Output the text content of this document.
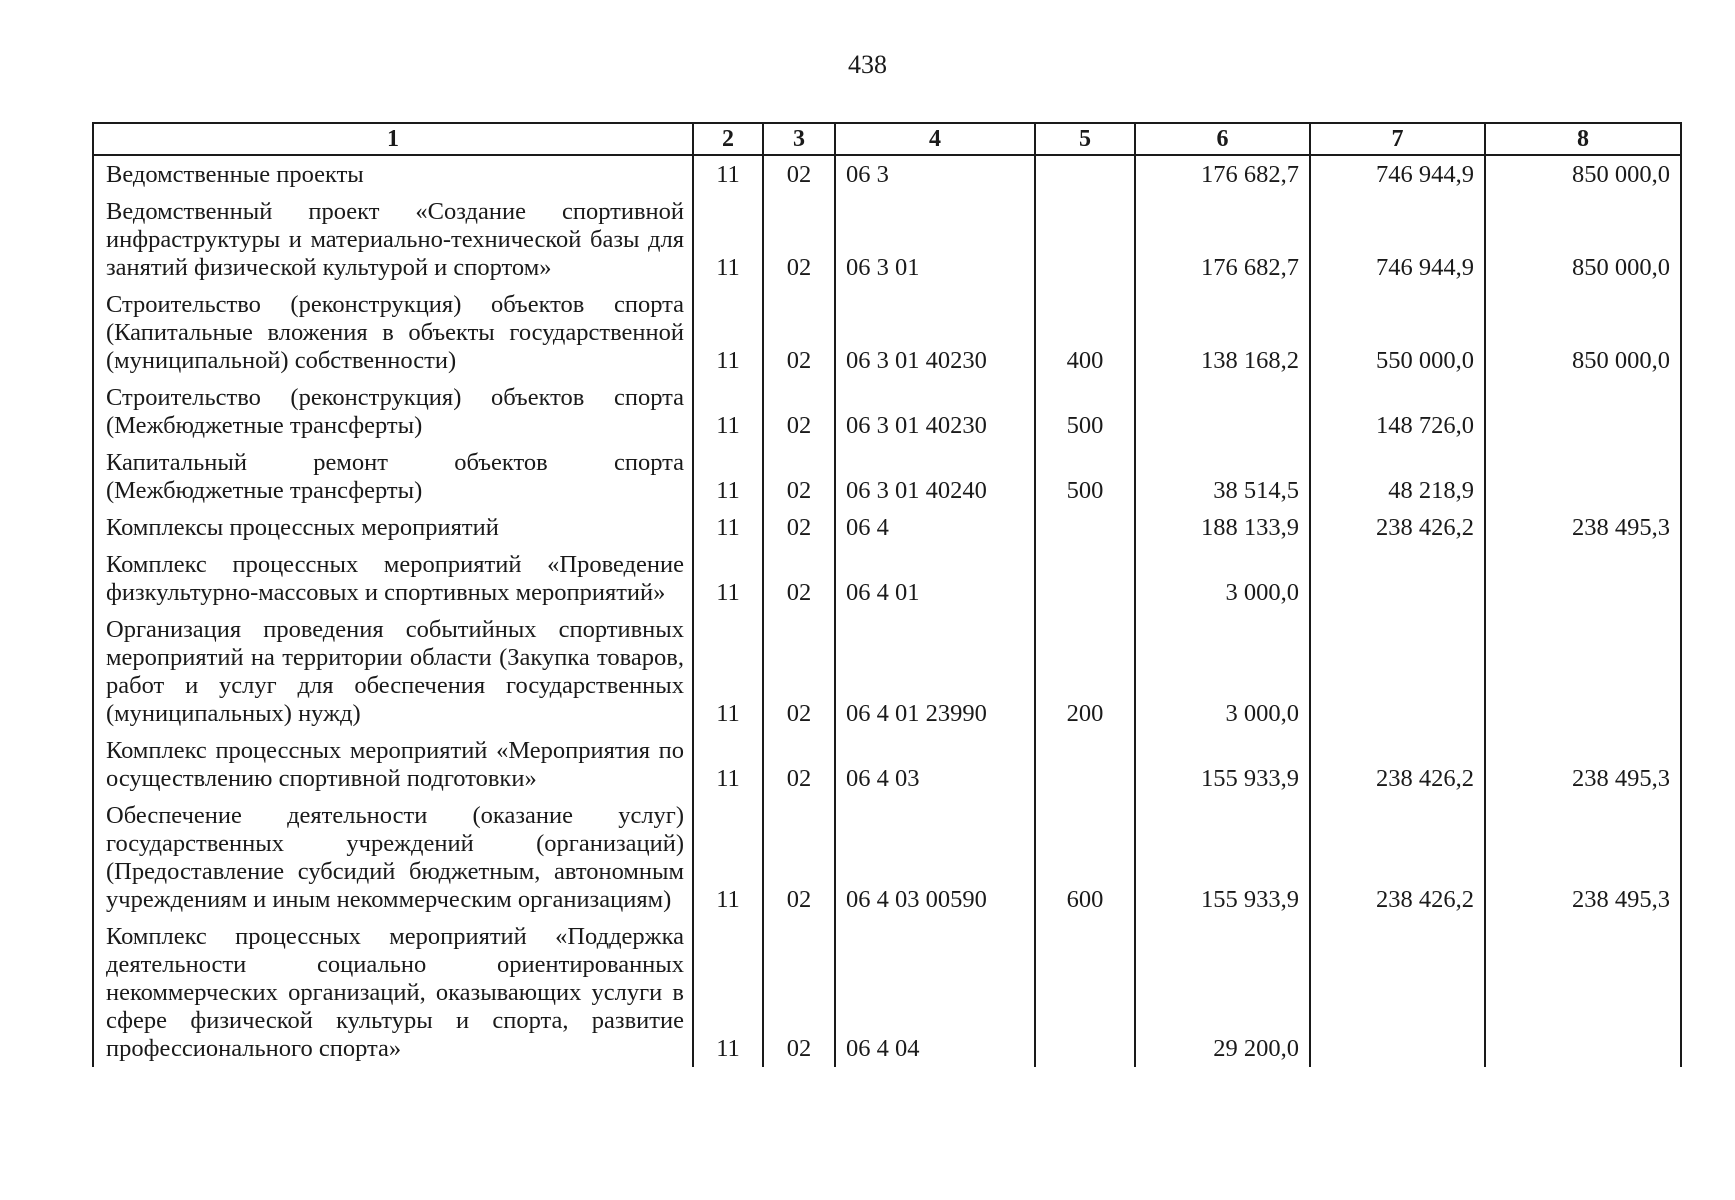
438
1	2	3	4	5	6	7	8
Ведомственные проекты	11	02	06 3		176 682,7	746 944,9	850 000,0
Ведомственный проект «Создание спортивной инфраструктуры и материально-технической базы для занятий физической культурой и спортом»	11	02	06 3 01		176 682,7	746 944,9	850 000,0
Строительство (реконструкция) объектов спорта (Капитальные вложения в объекты государственной (муниципальной) собственности)	11	02	06 3 01 40230	400	138 168,2	550 000,0	850 000,0
Строительство (реконструкция) объектов спорта (Межбюджетные трансферты)	11	02	06 3 01 40230	500		148 726,0	
Капитальный ремонт объектов спорта (Межбюджетные трансферты)	11	02	06 3 01 40240	500	38 514,5	48 218,9	
Комплексы процессных мероприятий	11	02	06 4		188 133,9	238 426,2	238 495,3
Комплекс процессных мероприятий «Проведение физкультурно-массовых и спортивных мероприятий»	11	02	06 4 01		3 000,0		
Организация проведения событийных спортивных мероприятий на территории области (Закупка товаров, работ и услуг для обеспечения государственных (муниципальных) нужд)	11	02	06 4 01 23990	200	3 000,0		
Комплекс процессных мероприятий «Мероприятия по осуществлению спортивной подготовки»	11	02	06 4 03		155 933,9	238 426,2	238 495,3
Обеспечение деятельности (оказание услуг) государственных учреждений (организаций) (Предоставление субсидий бюджетным, автономным учреждениям и иным некоммерческим организациям)	11	02	06 4 03 00590	600	155 933,9	238 426,2	238 495,3
Комплекс процессных мероприятий «Поддержка деятельности социально ориентированных некоммерческих организаций, оказывающих услуги в сфере физической культуры и спорта, развитие профессионального спорта»	11	02	06 4 04		29 200,0		
